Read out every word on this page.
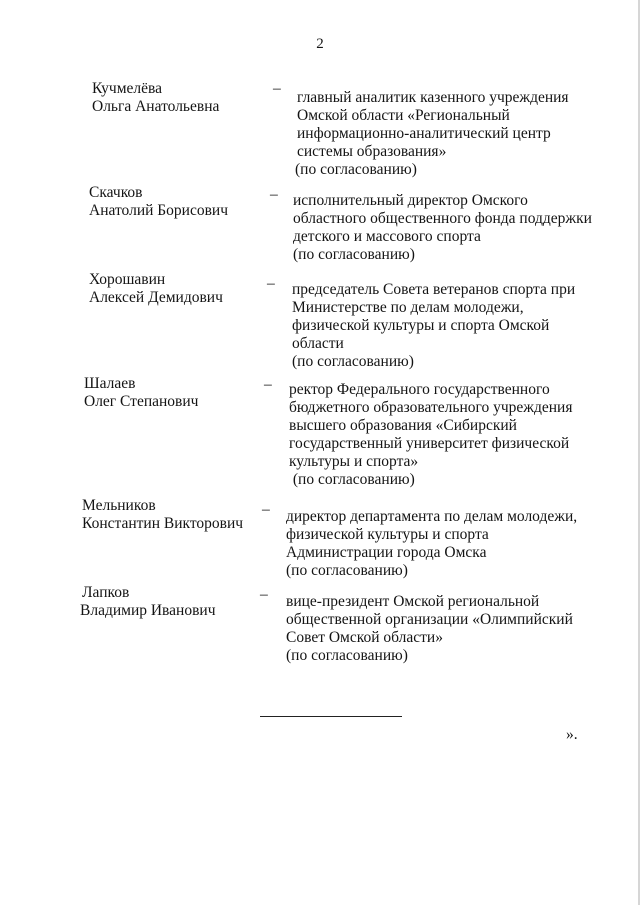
2
Кучмелёва
Ольга Анатольевна
–
главный аналитик казенного учреждения
Омской области «Региональный
информационно-аналитический центр
системы образования»
(по согласованию)
Скачков
Анатолий Борисович
– исполнительный директор Омского
областного общественного фонда поддержки
детского и массового спорта
(по согласованию)
Хорошавин
Алексей Демидович
– председатель Совета ветеранов спорта при
Министерстве по делам молодежи,
физической культуры и спорта Омской
области
(по согласованию)
Шалаев
Олег Степанович
– ректор Федерального государственного
бюджетного образовательного учреждения
высшего образования «Сибирский
государственный университет физической
культуры и спорта»
(по согласованию)
Мельников
Константин Викторович
– директор департамента по делам молодежи,
физической культуры и спорта
Администрации города Омска
(по согласованию)
Лапков
Владимир Иванович
– вице-президент Омской региональной
общественной организации «Олимпийский
Совет Омской области»
(по согласованию)
».
